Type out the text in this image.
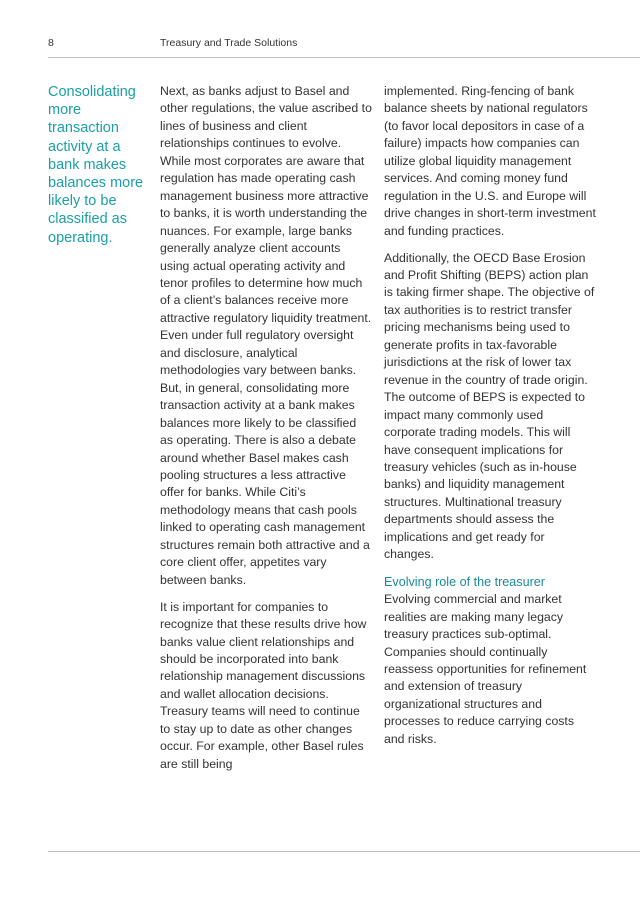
8	Treasury and Trade Solutions
Consolidating more transaction activity at a bank makes balances more likely to be classified as operating.

Next, as banks adjust to Basel and other regulations, the value ascribed to lines of business and client relationships continues to evolve. While most corporates are aware that regulation has made operating cash management business more attractive to banks, it is worth understanding the nuances. For example, large banks generally analyze client accounts using actual operating activity and tenor profiles to determine how much of a client’s balances receive more attractive regulatory liquidity treatment. Even under full regulatory oversight and disclosure, analytical methodologies vary between banks. But, in general, consolidating more transaction activity at a bank makes balances more likely to be classified as operating. There is also a debate around whether Basel makes cash pooling structures a less attractive offer for banks. While Citi’s methodology means that cash pools linked to operating cash management structures remain both attractive and a core client offer, appetites vary between banks.

It is important for companies to recognize that these results drive how banks value client relationships and should be incorporated into bank relationship management discussions and wallet allocation decisions. Treasury teams will need to continue to stay up to date as other changes occur. For example, other Basel rules are still being

implemented. Ring-fencing of bank balance sheets by national regulators (to favor local depositors in case of a failure) impacts how companies can utilize global liquidity management services. And coming money fund regulation in the U.S. and Europe will drive changes in short-term investment and funding practices.

Additionally, the OECD Base Erosion and Profit Shifting (BEPS) action plan is taking firmer shape. The objective of tax authorities is to restrict transfer pricing mechanisms being used to generate profits in tax-favorable jurisdictions at the risk of lower tax revenue in the country of trade origin. The outcome of BEPS is expected to impact many commonly used corporate trading models. This will have consequent implications for treasury vehicles (such as in-house banks) and liquidity management structures. Multinational treasury departments should assess the implications and get ready for changes.

Evolving role of the treasurer

Evolving commercial and market realities are making many legacy treasury practices sub-optimal. Companies should continually reassess opportunities for refinement and extension of treasury organizational structures and processes to reduce carrying costs and risks.
